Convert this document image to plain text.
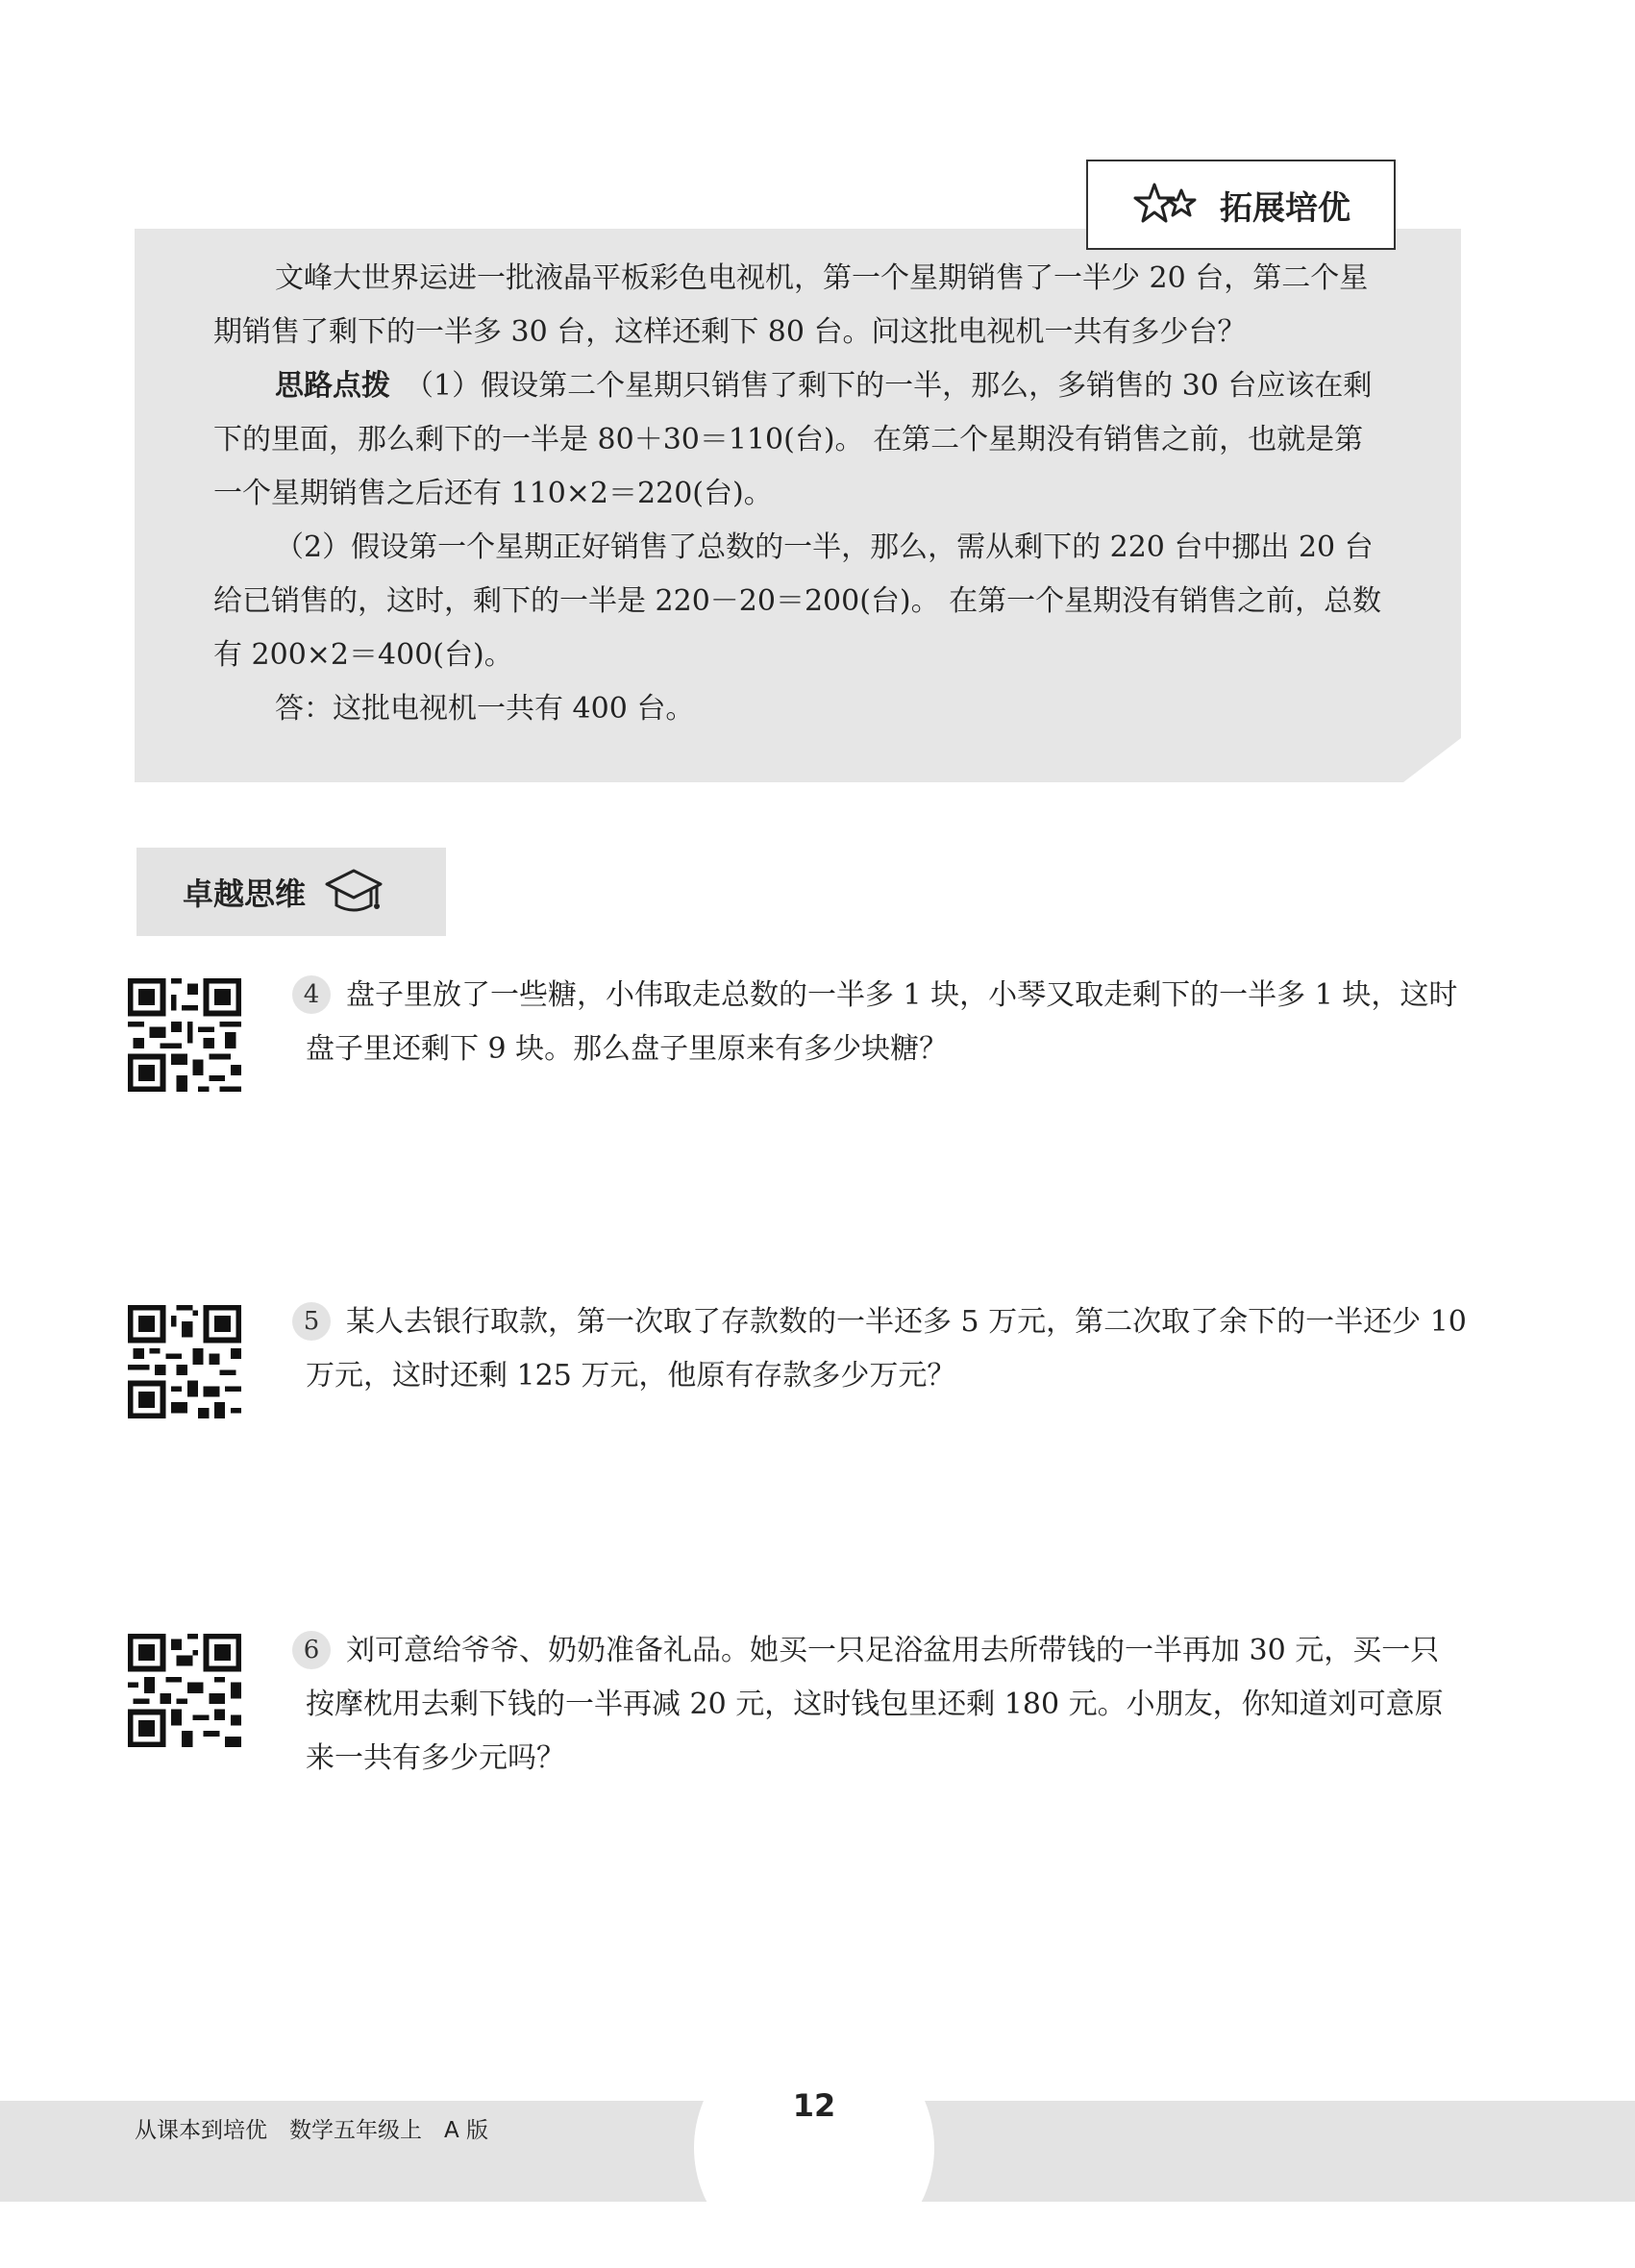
拓展培优

文峰大世界运进一批液晶平板彩色电视机，第一个星期销售了一半少 20 台，第二个星期销售了剩下的一半多 30 台，这样还剩下 80 台。问这批电视机一共有多少台？

思路点拨　 （1）假设第二个星期只销售了剩下的一半，那么，多销售的 30 台应该在剩下的里面，那么剩下的一半是 80＋30＝110(台)。 在第二个星期没有销售之前，也就是第一个星期销售之后还有 110×2＝220(台)。

（2）假设第一个星期正好销售了总数的一半，那么，需从剩下的 220 台中挪出 20 台给已销售的，这时，剩下的一半是 220－20＝200(台)。 在第一个星期没有销售之前，总数有 200×2＝400(台)。

答：这批电视机一共有 400 台。

卓越思维
4 盘子里放了一些糖，小伟取走总数的一半多 1 块，小琴又取走剩下的一半多 1 块，这时盘子里还剩下 9 块。那么盘子里原来有多少块糖？
5 某人去银行取款，第一次取了存款数的一半还多 5 万元，第二次取了余下的一半还少 10 万元，这时还剩 125 万元，他原有存款多少万元？
6 刘可意给爷爷、奶奶准备礼品。她买一只足浴盆用去所带钱的一半再加 30 元，买一只按摩枕用去剩下钱的一半再减 20 元，这时钱包里还剩 180 元。小朋友，你知道刘可意原来一共有多少元吗？
从课本到培优　数学五年级上　A 版
12
